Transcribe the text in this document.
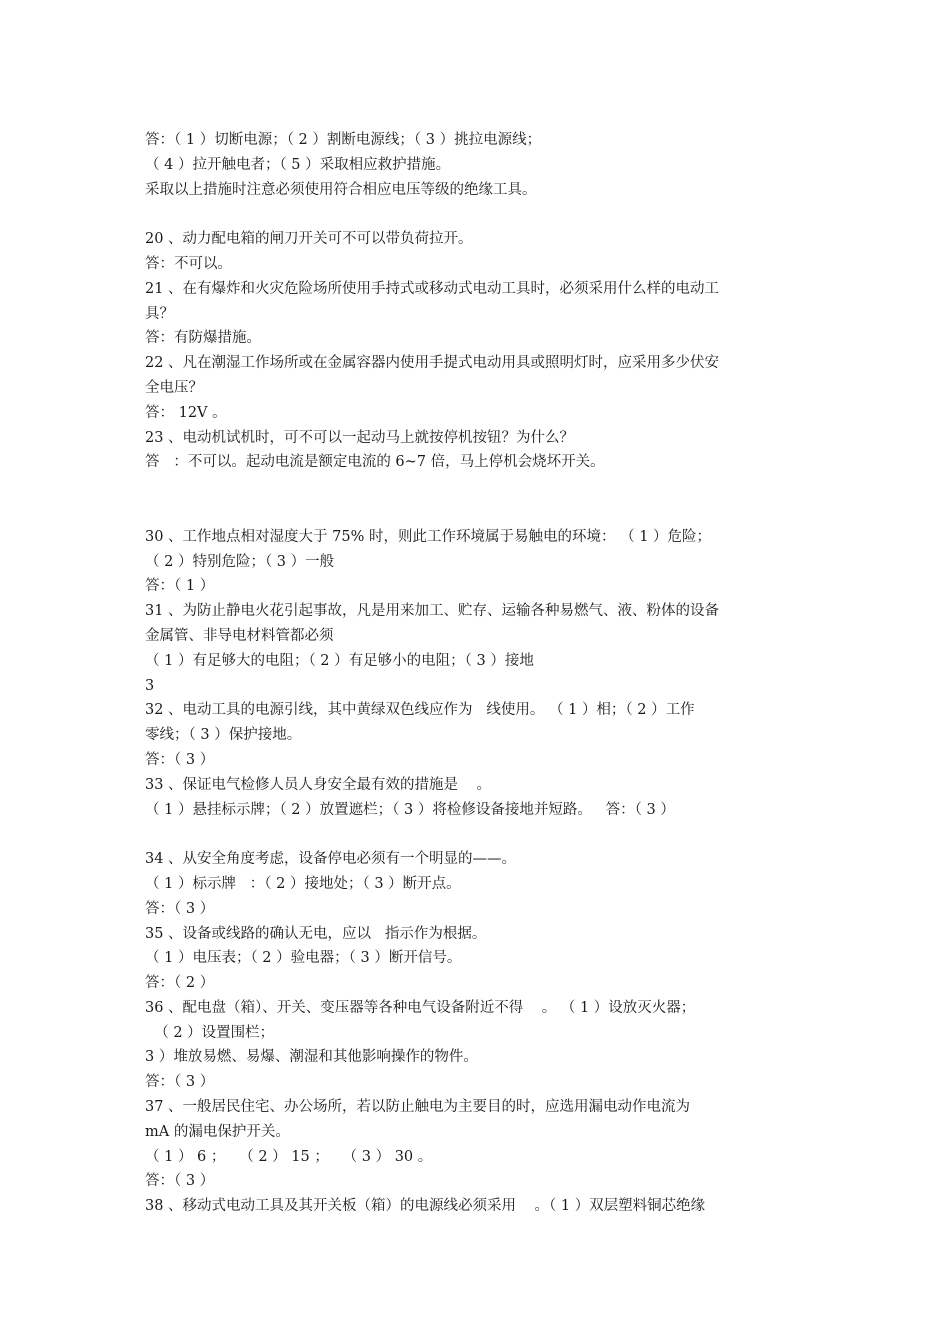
答：（ 1 ）切断电源；（ 2 ）割断电源线；（ 3 ）挑拉电源线；
（ 4 ）拉开触电者；（ 5 ）采取相应救护措施。
采取以上措施时注意必须使用符合相应电压等级的绝缘工具。
20 、动力配电箱的闸刀开关可不可以带负荷拉开。
答：不可以。
21 、在有爆炸和火灾危险场所使用手持式或移动式电动工具时，必须采用什么样的电动工
具？
答：有防爆措施。
22 、凡在潮湿工作场所或在金属容器内使用手提式电动用具或照明灯时，应采用多少伏安
全电压？
答： 12V 。
23 、电动机试机时，可不可以一起动马上就按停机按钮？为什么？
答   ：不可以。起动电流是额定电流的 6~7 倍，马上停机会烧坏开关。
30 、工作地点相对湿度大于 75% 时，则此工作环境属于易触电的环境： （ 1 ）危险；
（ 2 ）特别危险；（ 3 ）一般
答：（ 1 ）
31 、为防止静电火花引起事故，凡是用来加工、贮存、运输各种易燃气、液、粉体的设备
金属管、非导电材料管都必须
（ 1 ）有足够大的电阻；（ 2 ）有足够小的电阻；（ 3 ）接地
3
32 、电动工具的电源引线，其中黄绿双色线应作为   线使用。 （ 1 ）相；（ 2 ）工作
零线；（ 3 ）保护接地。
答：（ 3 ）
33 、保证电气检修人员人身安全最有效的措施是    。
（ 1 ）悬挂标示牌；（ 2 ）放置遮栏；（ 3 ）将检修设备接地并短路。   答：（ 3 ）
34 、从安全角度考虑，设备停电必须有一个明显的——。
（ 1 ）标示牌   ：（ 2 ）接地处；（ 3 ）断开点。
答：（ 3 ）
35 、设备或线路的确认无电，应以   指示作为根据。
（ 1 ）电压表；（ 2 ）验电器；（ 3 ）断开信号。
答：（ 2 ）
36 、配电盘（箱）、开关、变压器等各种电气设备附近不得    。 （ 1 ）设放灭火器；
（ 2 ）设置围栏；
3 ）堆放易燃、易爆、潮湿和其他影响操作的物件。
答：（ 3 ）
37 、一般居民住宅、办公场所，若以防止触电为主要目的时，应选用漏电动作电流为
mA 的漏电保护开关。
（ 1 ） 6 ；   （ 2 ） 15 ；   （ 3 ） 30 。
答：（ 3 ）
38 、移动式电动工具及其开关板（箱）的电源线必须采用    。（ 1 ）双层塑料铜芯绝缘
